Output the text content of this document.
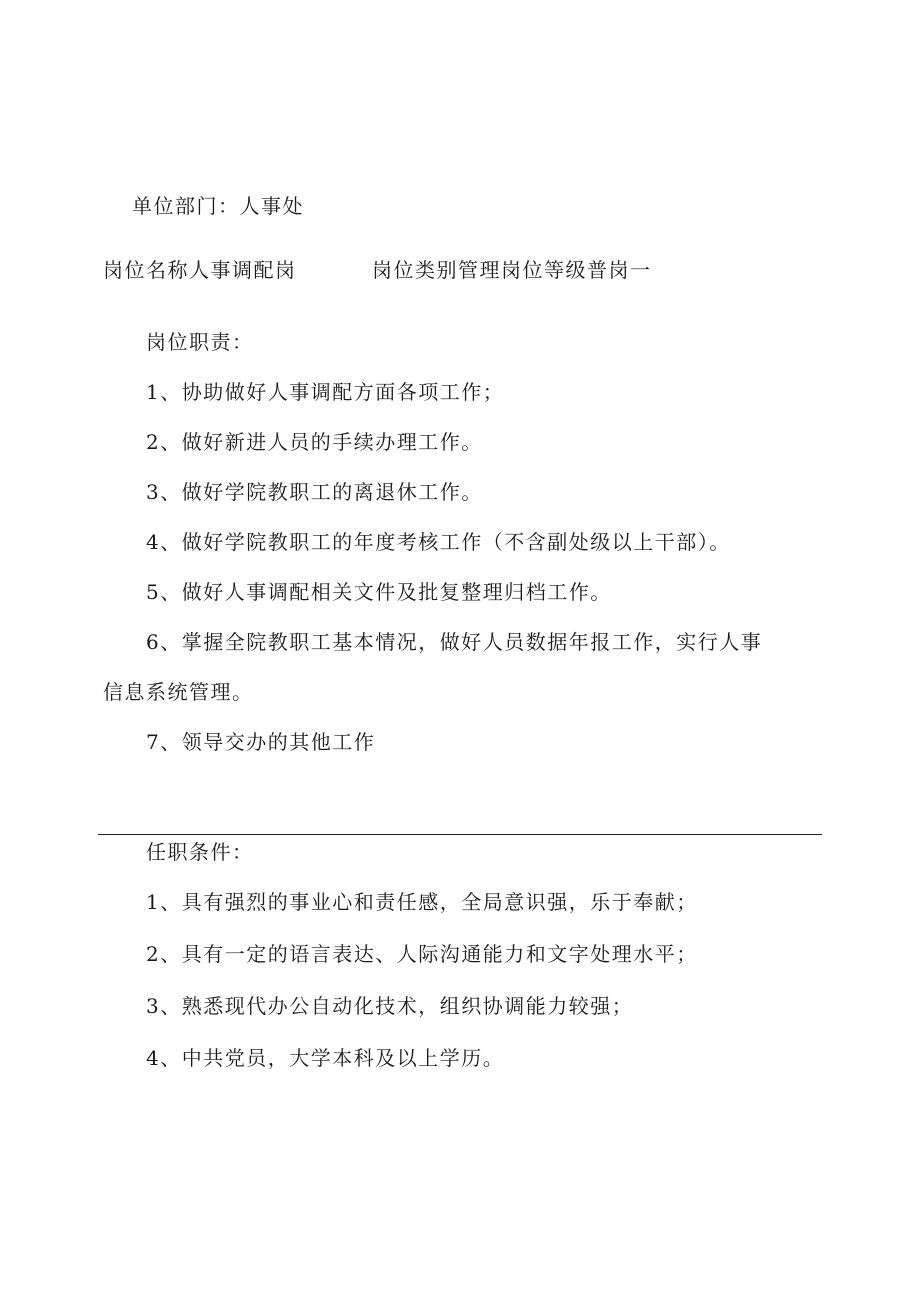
单位部门：人事处
岗位名称人事调配岗	岗位类别管理岗位等级普岗一
岗位职责：
1、协助做好人事调配方面各项工作；
2、做好新进人员的手续办理工作。
3、做好学院教职工的离退休工作。
4、做好学院教职工的年度考核工作（不含副处级以上干部）。
5、做好人事调配相关文件及批复整理归档工作。
6、掌握全院教职工基本情况，做好人员数据年报工作，实行人事
信息系统管理。
7、领导交办的其他工作
任职条件：
1、具有强烈的事业心和责任感，全局意识强，乐于奉献；
2、具有一定的语言表达、人际沟通能力和文字处理水平；
3、熟悉现代办公自动化技术，组织协调能力较强；
4、中共党员，大学本科及以上学历。
